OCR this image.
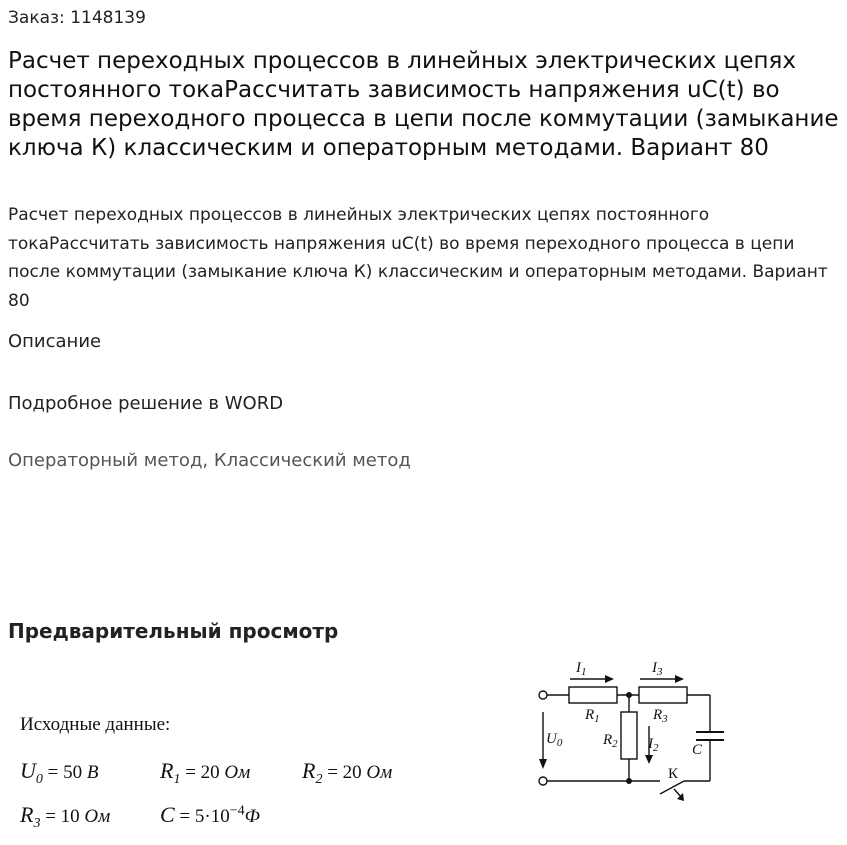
Заказ: 1148139
Расчет переходных процессов в линейных электрических цепях постоянного токаРассчитать зависимость напряжения uC(t) во время переходного процесса в цепи после коммутации (замыкание ключа К) классическим и операторным методами. Вариант 80

Расчет переходных процессов в линейных электрических цепях постоянного токаРассчитать зависимость напряжения uC(t) во время переходного процесса в цепи после коммутации (замыкание ключа К) классическим и операторным методами. Вариант 80

Описание
Подробное решение в WORD
Операторный метод, Классический метод
Предварительный просмотр
Исходные данные:
$U_0 = 50$ В	$R_1 = 20$ Ом $R_2 = 20$ Ом
$R_3 = 10$ Ом $C = 5\cdot 10^{-4}Ф$
$I_1$	$I_3$
$R_1$	$R_3$
$R_2$ $I_2$
$U_0$	C
К
